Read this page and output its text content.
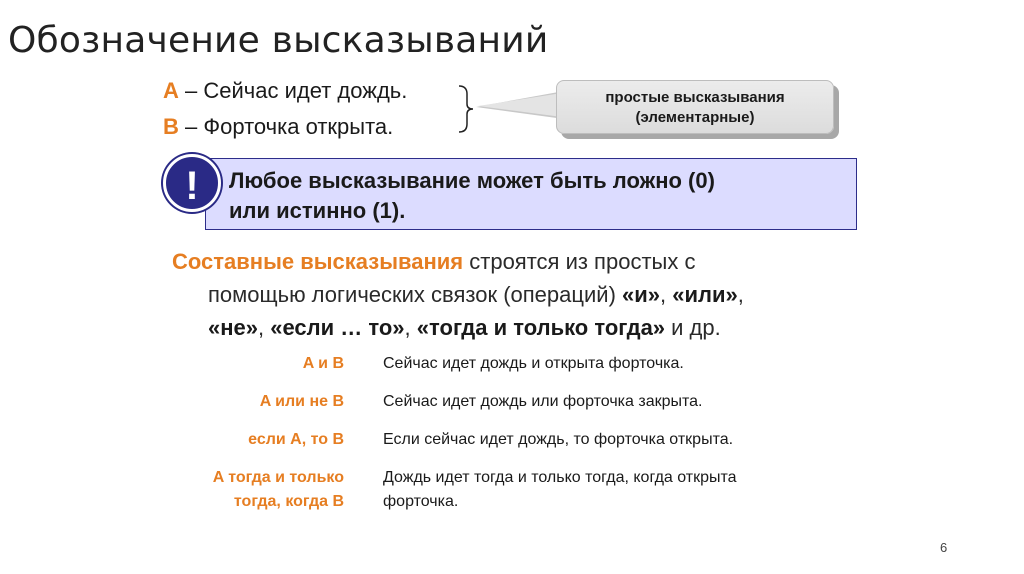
Обозначение высказываний
A – Сейчас идет дождь.
B – Форточка открыта.
простые высказывания
(элементарные)
Любое высказывание может быть ложно (0)
или истинно (1).
!
Составные высказывания строятся из простых с
помощью логических связок (операций) «и», «или»,
«не», «если … то», «тогда и только тогда» и др.
A и B Сейчас идет дождь и открыта форточка.
A или не B Сейчас идет дождь или форточка закрыта.
если A, то B Если сейчас идет дождь, то форточка открыта.
A тогда и только
тогда, когда B
Дождь идет тогда и только тогда, когда открыта
форточка.
6
